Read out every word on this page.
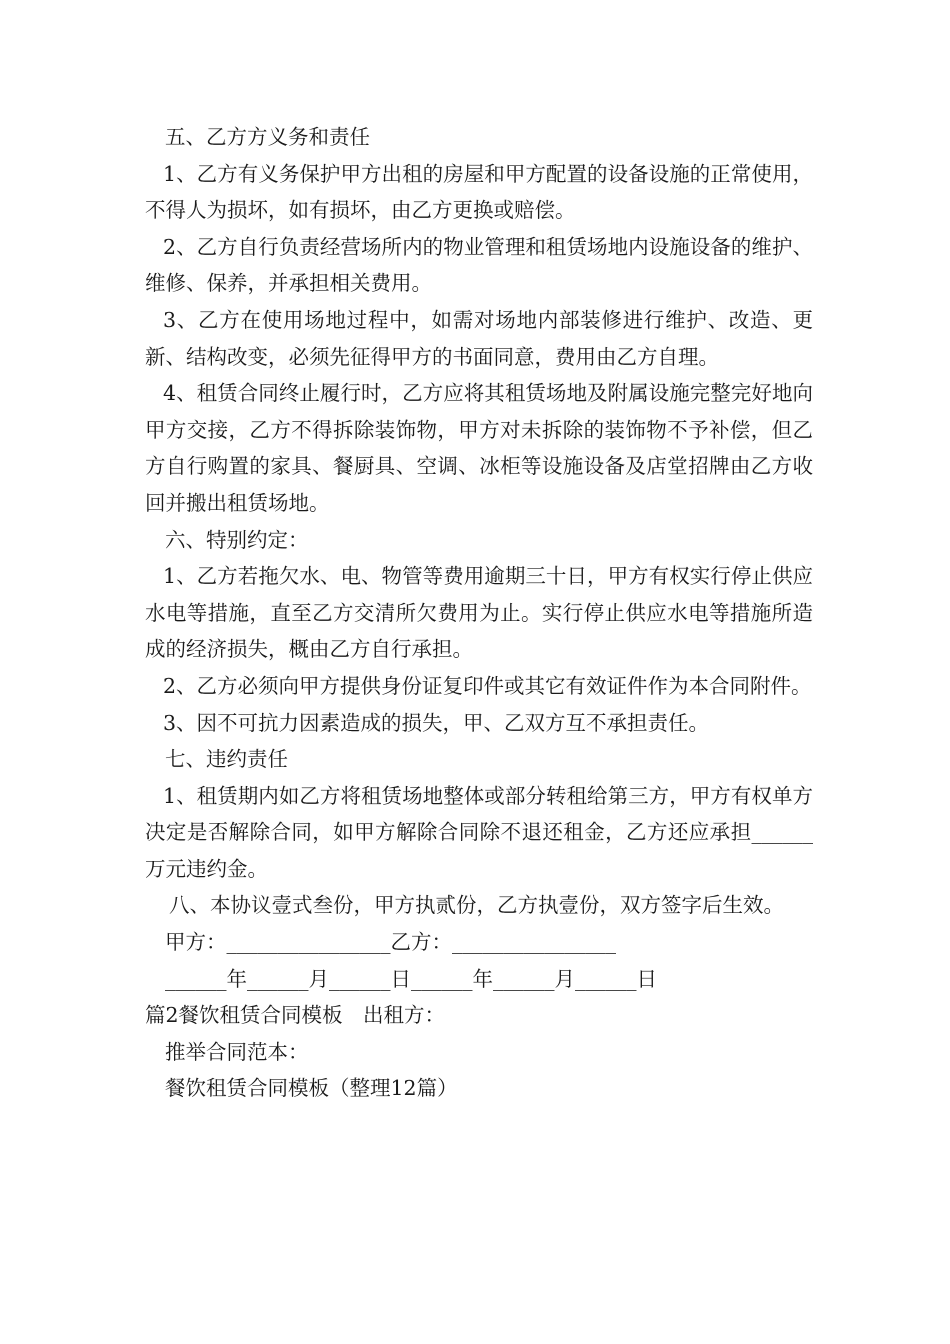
五、乙方方义务和责任

1、乙方有义务保护甲方出租的房屋和甲方配置的设备设施的正常使用，不得人为损坏，如有损坏，由乙方更换或赔偿。

2、乙方自行负责经营场所内的物业管理和租赁场地内设施设备的维护、维修、保养，并承担相关费用。

3、乙方在使用场地过程中，如需对场地内部装修进行维护、改造、更新、结构改变，必须先征得甲方的书面同意，费用由乙方自理。

4、租赁合同终止履行时，乙方应将其租赁场地及附属设施完整完好地向甲方交接，乙方不得拆除装饰物，甲方对未拆除的装饰物不予补偿，但乙方自行购置的家具、餐厨具、空调、冰柜等设施设备及店堂招牌由乙方收回并搬出租赁场地。

六、特别约定：

1、乙方若拖欠水、电、物管等费用逾期三十日，甲方有权实行停止供应水电等措施，直至乙方交清所欠费用为止。实行停止供应水电等措施所造成的经济损失，概由乙方自行承担。

2、乙方必须向甲方提供身份证复印件或其它有效证件作为本合同附件。

3、因不可抗力因素造成的损失，甲、乙双方互不承担责任。

七、违约责任

1、租赁期内如乙方将租赁场地整体或部分转租给第三方，甲方有权单方决定是否解除合同，如甲方解除合同除不退还租金，乙方还应承担______万元违约金。

八、本协议壹式叁份，甲方执贰份，乙方执壹份，双方签字后生效。

甲方：________________乙方：________________

______年______月______日______年______月______日

篇2餐饮租赁合同模板　出租方：

推举合同范本：

餐饮租赁合同模板（整理12篇）
